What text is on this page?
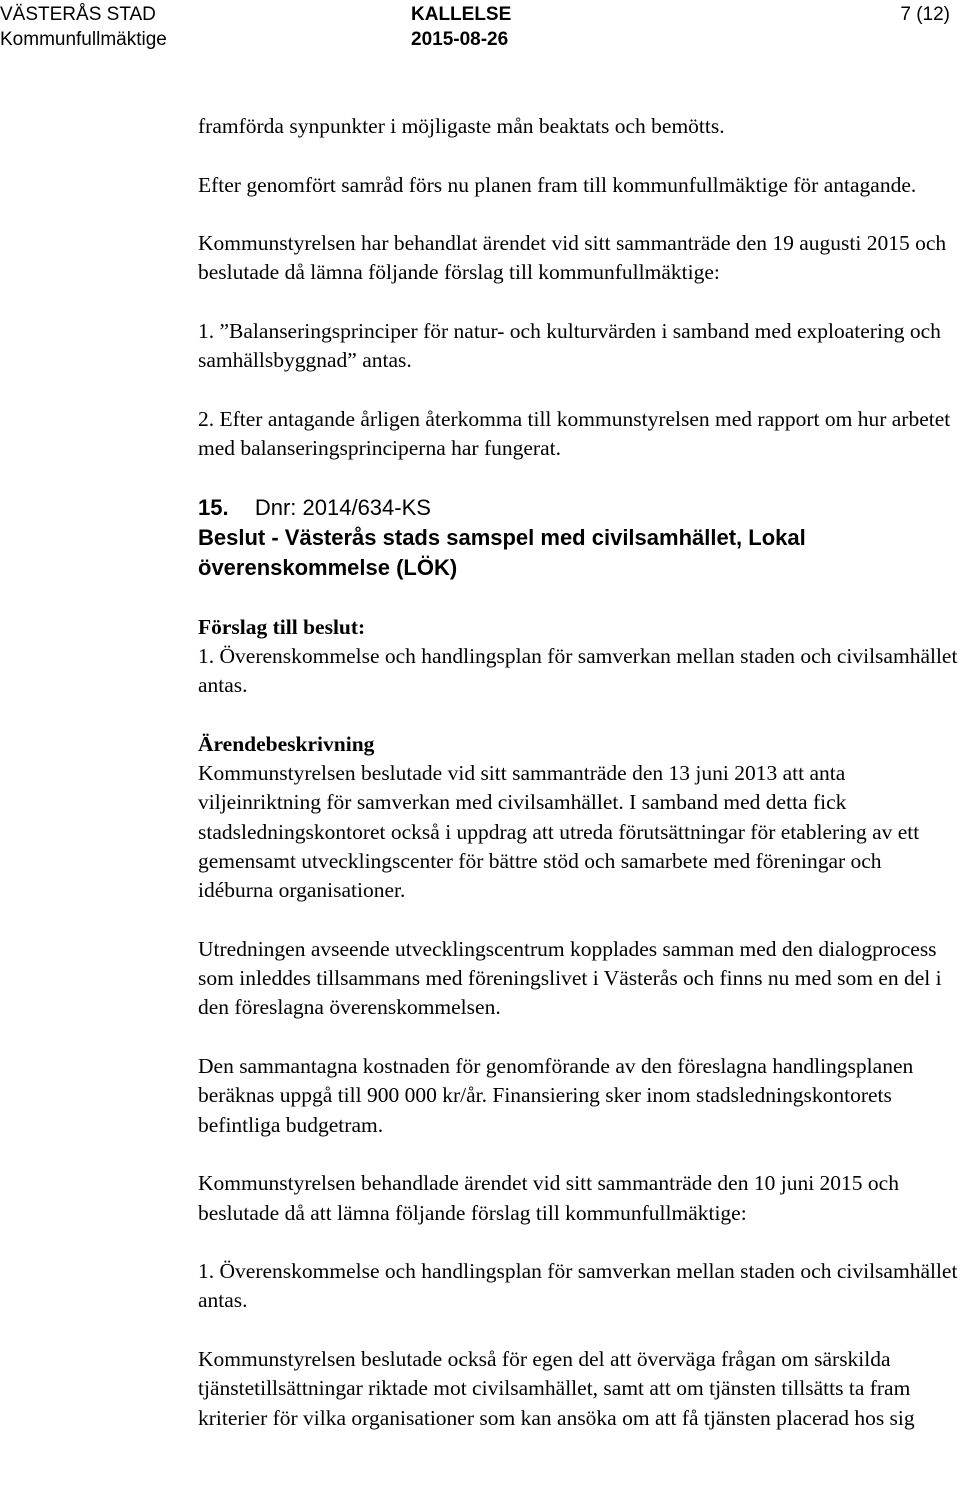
VÄSTERÅS STAD
Kommunfullmäktige
KALLELSE
2015-08-26
7 (12)

framförda synpunkter i möjligaste mån beaktats och bemötts.

Efter genomfört samråd förs nu planen fram till kommunfullmäktige för antagande.

Kommunstyrelsen har behandlat ärendet vid sitt sammanträde den 19 augusti 2015 och beslutade då lämna följande förslag till kommunfullmäktige:

1. ”Balanseringsprinciper för natur- och kulturvärden i samband med exploatering och samhällsbyggnad” antas.

2. Efter antagande årligen återkomma till kommunstyrelsen med rapport om hur arbetet med balanseringsprinciperna har fungerat.

15. Dnr: 2014/634-KS
Beslut - Västerås stads samspel med civilsamhället, Lokal överenskommelse (LÖK)

Förslag till beslut:

1. Överenskommelse och handlingsplan för samverkan mellan staden och civilsamhället antas.

Ärendebeskrivning

Kommunstyrelsen beslutade vid sitt sammanträde den 13 juni 2013 att anta viljeinriktning för samverkan med civilsamhället. I samband med detta fick stadsledningskontoret också i uppdrag att utreda förutsättningar för etablering av ett gemensamt utvecklingscenter för bättre stöd och samarbete med föreningar och idéburna organisationer.

Utredningen avseende utvecklingscentrum kopplades samman med den dialogprocess som inleddes tillsammans med föreningslivet i Västerås och finns nu med som en del i den föreslagna överenskommelsen.

Den sammantagna kostnaden för genomförande av den föreslagna handlingsplanen beräknas uppgå till 900 000 kr/år. Finansiering sker inom stadsledningskontorets befintliga budgetram.

Kommunstyrelsen behandlade ärendet vid sitt sammanträde den 10 juni 2015 och beslutade då att lämna följande förslag till kommunfullmäktige:

1. Överenskommelse och handlingsplan för samverkan mellan staden och civilsamhället antas.

Kommunstyrelsen beslutade också för egen del att överväga frågan om särskilda tjänstetillsättningar riktade mot civilsamhället, samt att om tjänsten tillsätts ta fram kriterier för vilka organisationer som kan ansöka om att få tjänsten placerad hos sig
